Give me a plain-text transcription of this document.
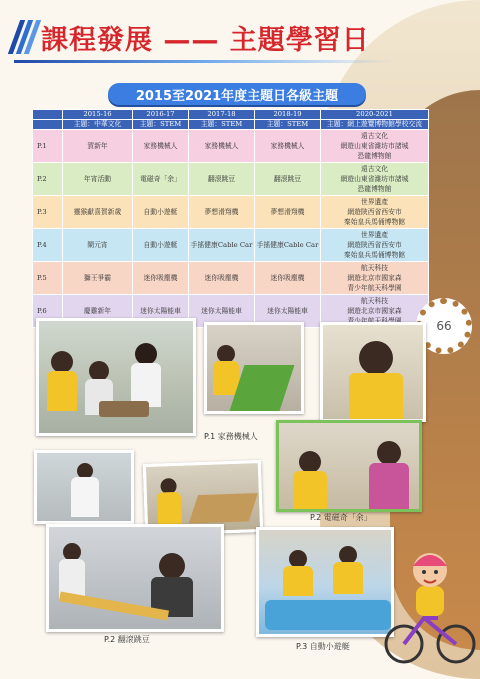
課程發展 —— 主題學習日
2015至2021年度主題日各級主題
	2015-16	2016-17	2017-18	2018-19	2020-2021
	主題：中華文化	主題：STEM	主題：STEM	主題：STEM	主題：網上遊覽博物館學校交流
P.1	賀新年	家務機械人	家務機械人	家務機械人	遠古文化
網遊山東省濰坊市諸城
恐龍博物館
P.2	年宵活動	電磁奇「余」	翻滾跳豆	翻滾跳豆	遠古文化
網遊山東省濰坊市諸城
恐龍博物館
P.3	靈猴獻喜賀新歲	自動小遊艇	夢想滑翔機	夢想滑翔機	世界遺產
網遊陝西省西安市
秦始皇兵馬俑博物館
P.4	鬧元宵	自動小遊艇	手搖健康Cable Car	手搖健康Cable Car	世界遺產
網遊陝西省西安市
秦始皇兵馬俑博物館
P.5	獅王爭霸	迷你吸塵機	迷你吸塵機	迷你吸塵機	航天科技
網遊北京市國家森
青少年航天科學園
P.6	慶雞新年	迷你太陽能車	迷你太陽能車	迷你太陽能車	航天科技
網遊北京市國家森
青少年航天科學園	66
P.1 家務機械人
P.2 電磁奇「余」
P.2 翻滾跳豆
P.3 自動小遊艇
